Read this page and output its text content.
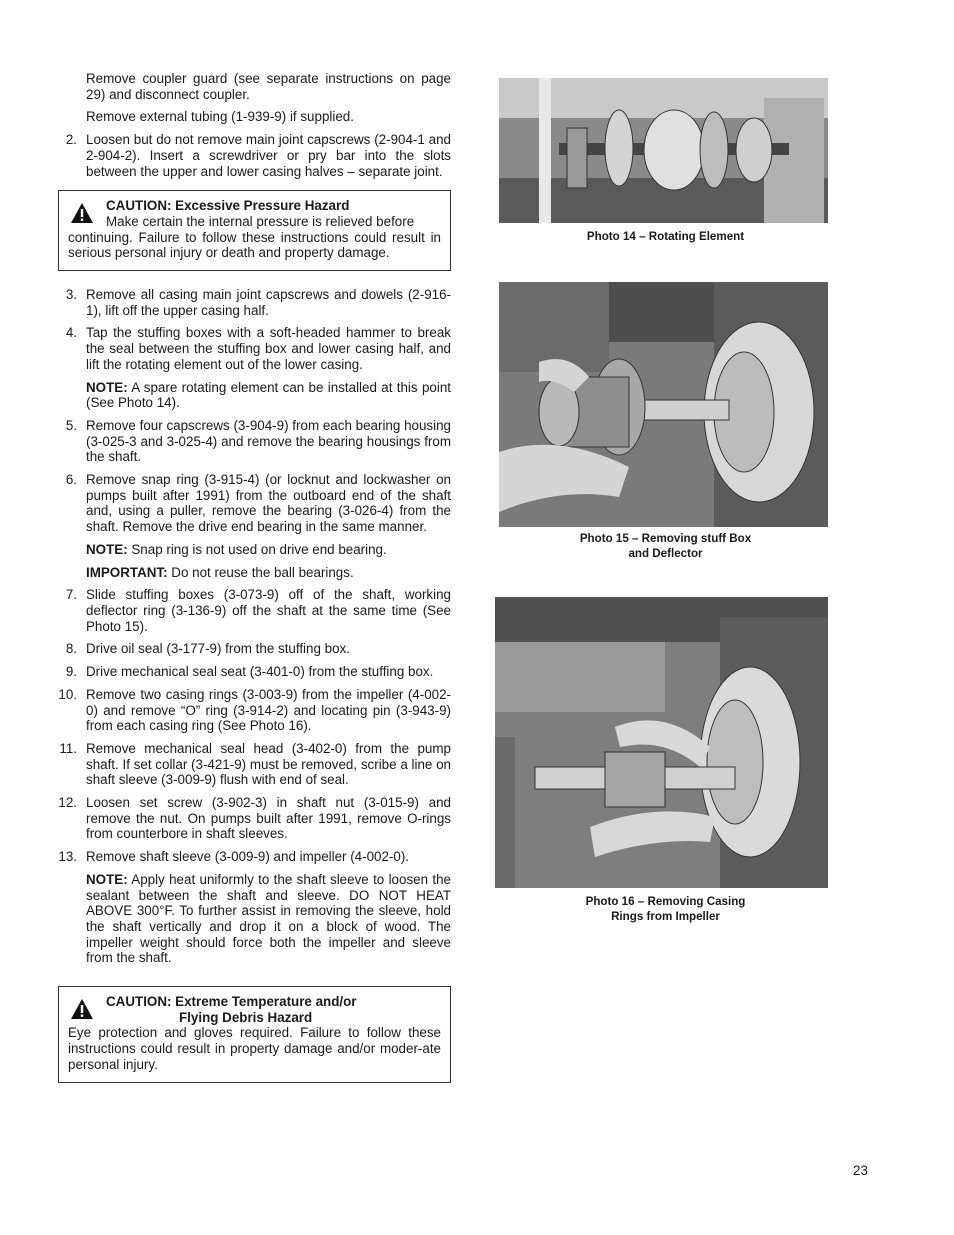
Remove coupler guard (see separate instructions on page 29) and disconnect coupler.

Remove external tubing (1-939-9) if supplied.

2. Loosen but do not remove main joint capscrews (2-904-1 and 2-904-2). Insert a screwdriver or pry bar into the slots between the upper and lower casing halves – separate joint.
CAUTION: Excessive Pressure Hazard
Make certain the internal pressure is relieved before
continuing. Failure to follow these instructions could result in serious personal injury or death and property damage.
3. Remove all casing main joint capscrews and dowels (2-916-1), lift off the upper casing half.
4. Tap the stuffing boxes with a soft-headed hammer to break the seal between the stuffing box and lower casing half, and lift the rotating element out of the lower casing.

NOTE: A spare rotating element can be installed at this point (See Photo 14).

5. Remove four capscrews (3-904-9) from each bearing housing (3-025-3 and 3-025-4) and remove the bearing housings from the shaft.
6. Remove snap ring (3-915-4) (or locknut and lockwasher on pumps built after 1991) from the outboard end of the shaft and, using a puller, remove the bearing (3-026-4) from the shaft. Remove the drive end bearing in the same manner.

NOTE: Snap ring is not used on drive end bearing.

IMPORTANT: Do not reuse the ball bearings.

7. Slide stuffing boxes (3-073-9) off of the shaft, working deflector ring (3-136-9) off the shaft at the same time (See Photo 15).
8. Drive oil seal (3-177-9) from the stuffing box.
9. Drive mechanical seal seat (3-401-0) from the stuffing box.
10. Remove two casing rings (3-003-9) from the impeller (4-002-0) and remove “O” ring (3-914-2) and locating pin (3-943-9) from each casing ring (See Photo 16).
11. Remove mechanical seal head (3-402-0) from the pump shaft. If set collar (3-421-9) must be removed, scribe a line on shaft sleeve (3-009-9) flush with end of seal.
12. Loosen set screw (3-902-3) in shaft nut (3-015-9) and remove the nut. On pumps built after 1991, remove O-rings from counterbore in shaft sleeves.
13. Remove shaft sleeve (3-009-9) and impeller (4-002-0).

NOTE: Apply heat uniformly to the shaft sleeve to loosen the sealant between the shaft and sleeve. DO NOT HEAT ABOVE 300°F. To further assist in removing the sleeve, hold the shaft vertically and drop it on a block of wood. The impeller weight should force both the impeller and sleeve from the shaft.

CAUTION: Extreme Temperature and/or
Flying Debris Hazard
Eye protection and gloves required. Failure to follow these instructions could result in property damage and/or moder-ate personal injury.
Photo 14 – Rotating Element
Photo 15 – Removing stuff Box
and Deflector
Photo 16 – Removing Casing
Rings from Impeller
23
